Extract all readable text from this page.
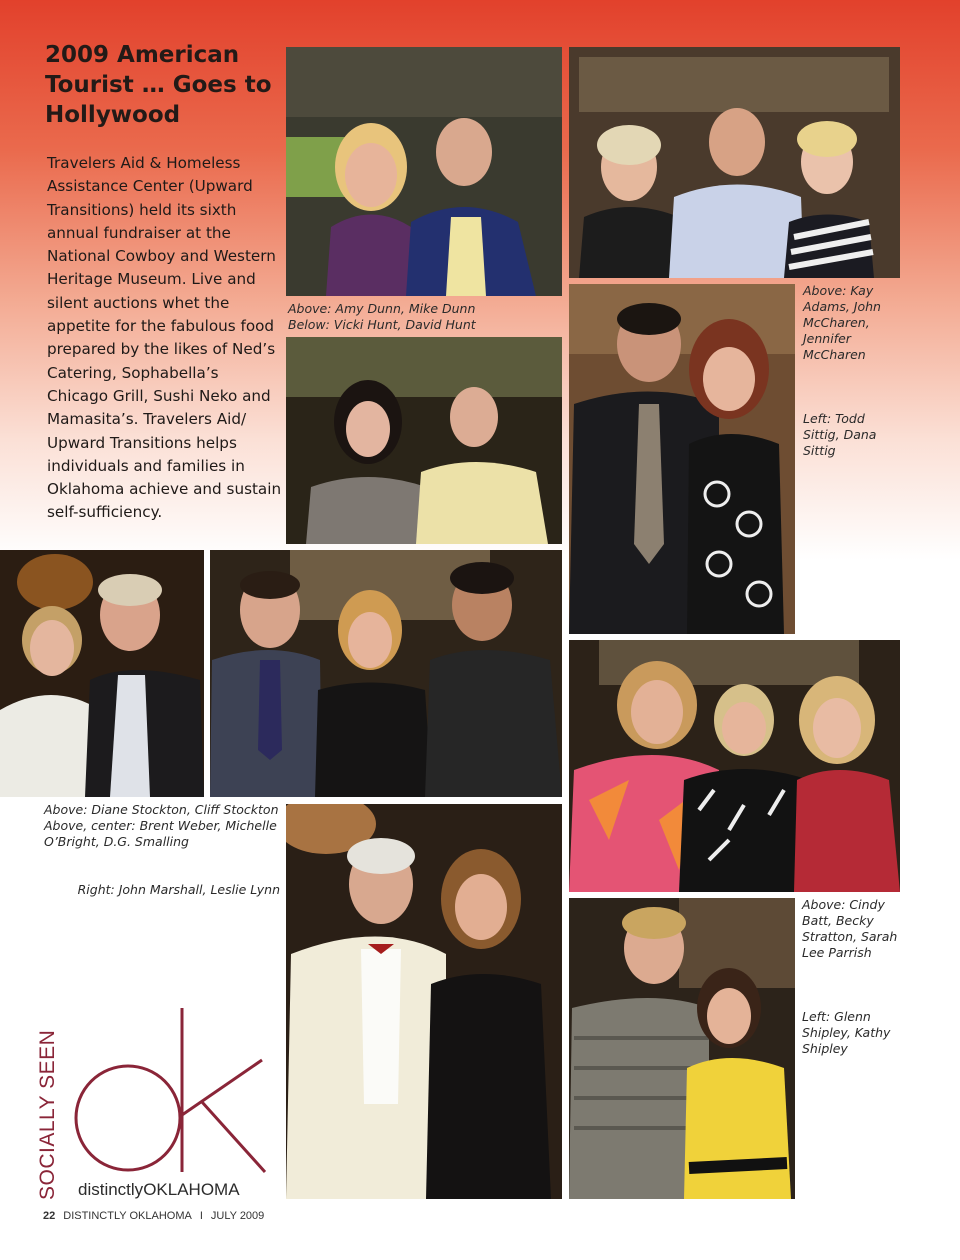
2009 American Tourist … Goes to Hollywood

Travelers Aid & Homeless Assistance Center (Upward Transitions) held its sixth annual fundraiser at the National Cowboy and Western Heritage Museum. Live and silent auctions whet the appetite for the fabulous food prepared by the likes of Ned’s Catering, Sophabella’s Chicago Grill, Sushi Neko and Mamasita’s. Travelers Aid/ Upward Transitions helps individuals and families in Oklahoma achieve and sustain self-sufficiency.

Above: Amy Dunn, Mike Dunn
Below: Vicki Hunt, David Hunt
Above: Kay Adams, John McCharen, Jennifer McCharen
Left: Todd Sittig, Dana Sittig
Above: Diane Stockton, Cliff Stockton
Above, center: Brent Weber, Michelle O’Bright, D.G. Smalling
Right: John Marshall, Leslie Lynn
Above: Cindy Batt, Becky Stratton, Sarah Lee Parrish
Left: Glenn Shipley, Kathy Shipley
SOCIALLY SEEN distinctlyOKLAHOMA
22 DISTINCTLY OKLAHOMA I JULY 2009
